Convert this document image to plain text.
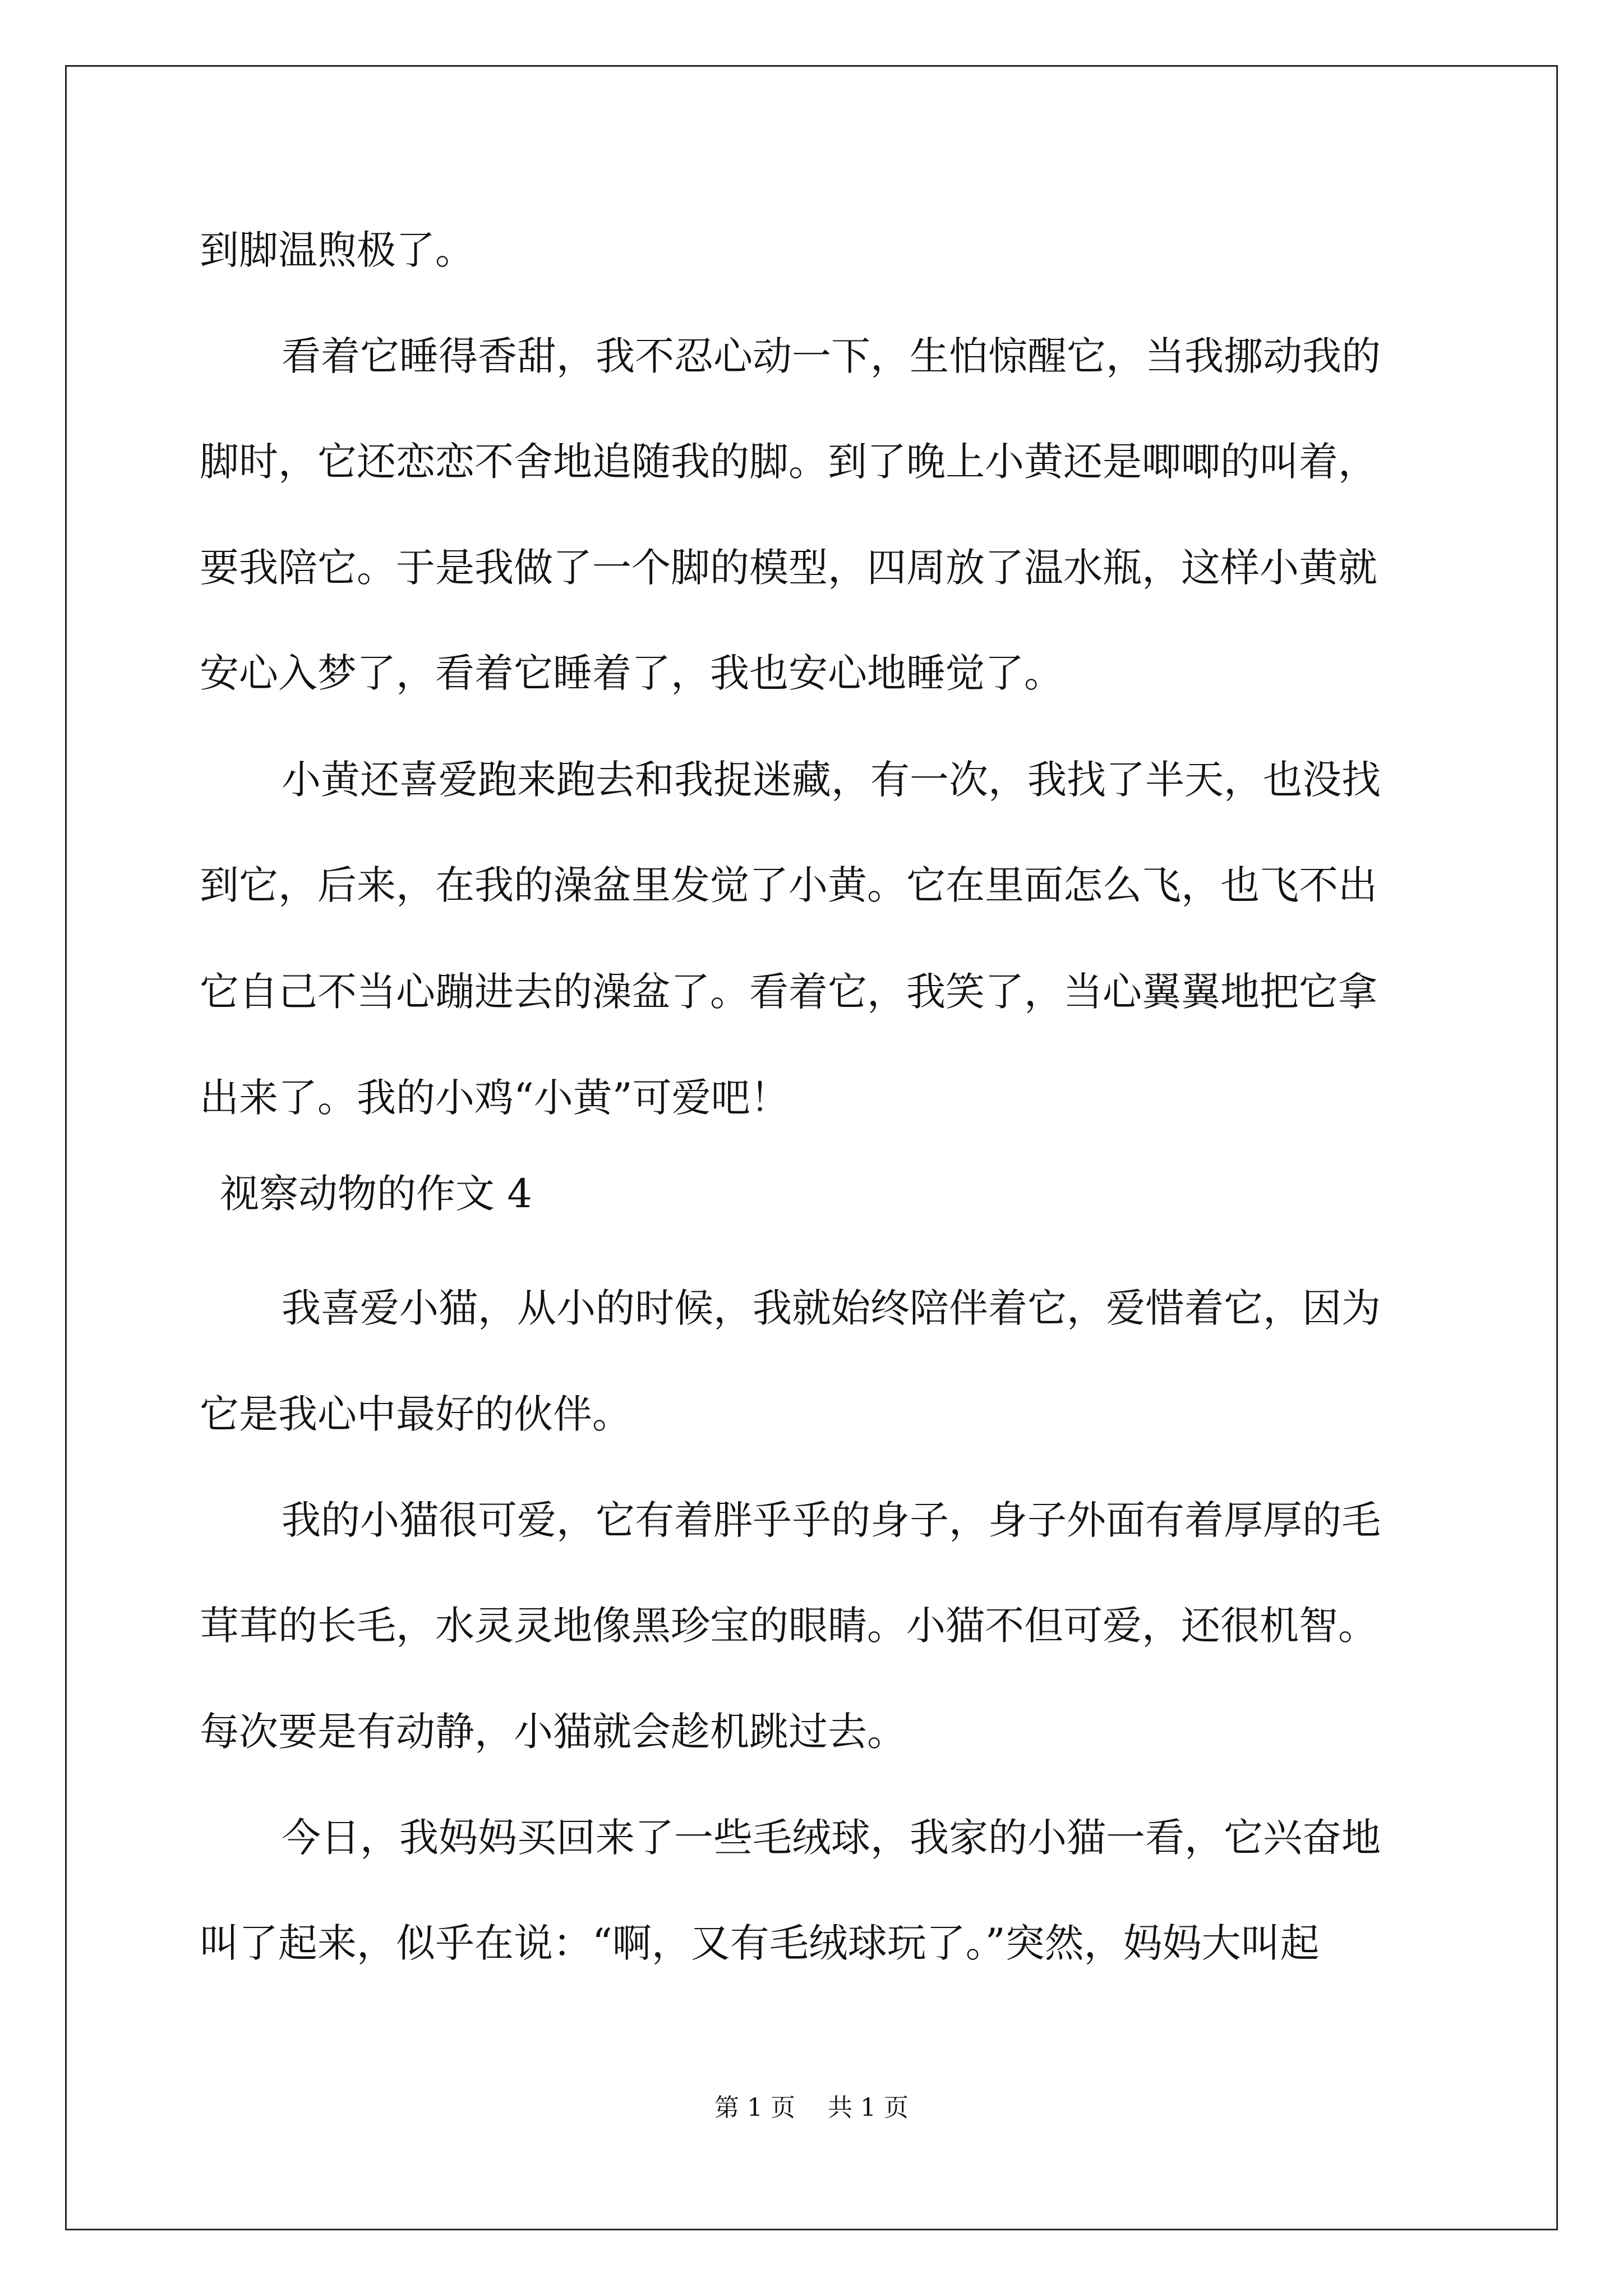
到脚温煦极了。
看着它睡得香甜，我不忍心动一下，生怕惊醒它，当我挪动我的
脚时，它还恋恋不舍地追随我的脚。到了晚上小黄还是唧唧的叫着，
要我陪它。于是我做了一个脚的模型，四周放了温水瓶，这样小黄就
安心入梦了，看着它睡着了，我也安心地睡觉了。
小黄还喜爱跑来跑去和我捉迷藏，有一次，我找了半天，也没找
到它，后来，在我的澡盆里发觉了小黄。它在里面怎么飞，也飞不出
它自己不当心蹦进去的澡盆了。看着它，我笑了，当心翼翼地把它拿
出来了。我的小鸡“小黄”可爱吧！
视察动物的作文 4
我喜爱小猫，从小的时候，我就始终陪伴着它，爱惜着它，因为
它是我心中最好的伙伴。
我的小猫很可爱，它有着胖乎乎的身子，身子外面有着厚厚的毛
茸茸的长毛，水灵灵地像黑珍宝的眼睛。小猫不但可爱，还很机智。
每次要是有动静，小猫就会趁机跳过去。
今日，我妈妈买回来了一些毛绒球，我家的小猫一看，它兴奋地
叫了起来，似乎在说：“啊，又有毛绒球玩了。”突然，妈妈大叫起
第 1 页 共 1 页
